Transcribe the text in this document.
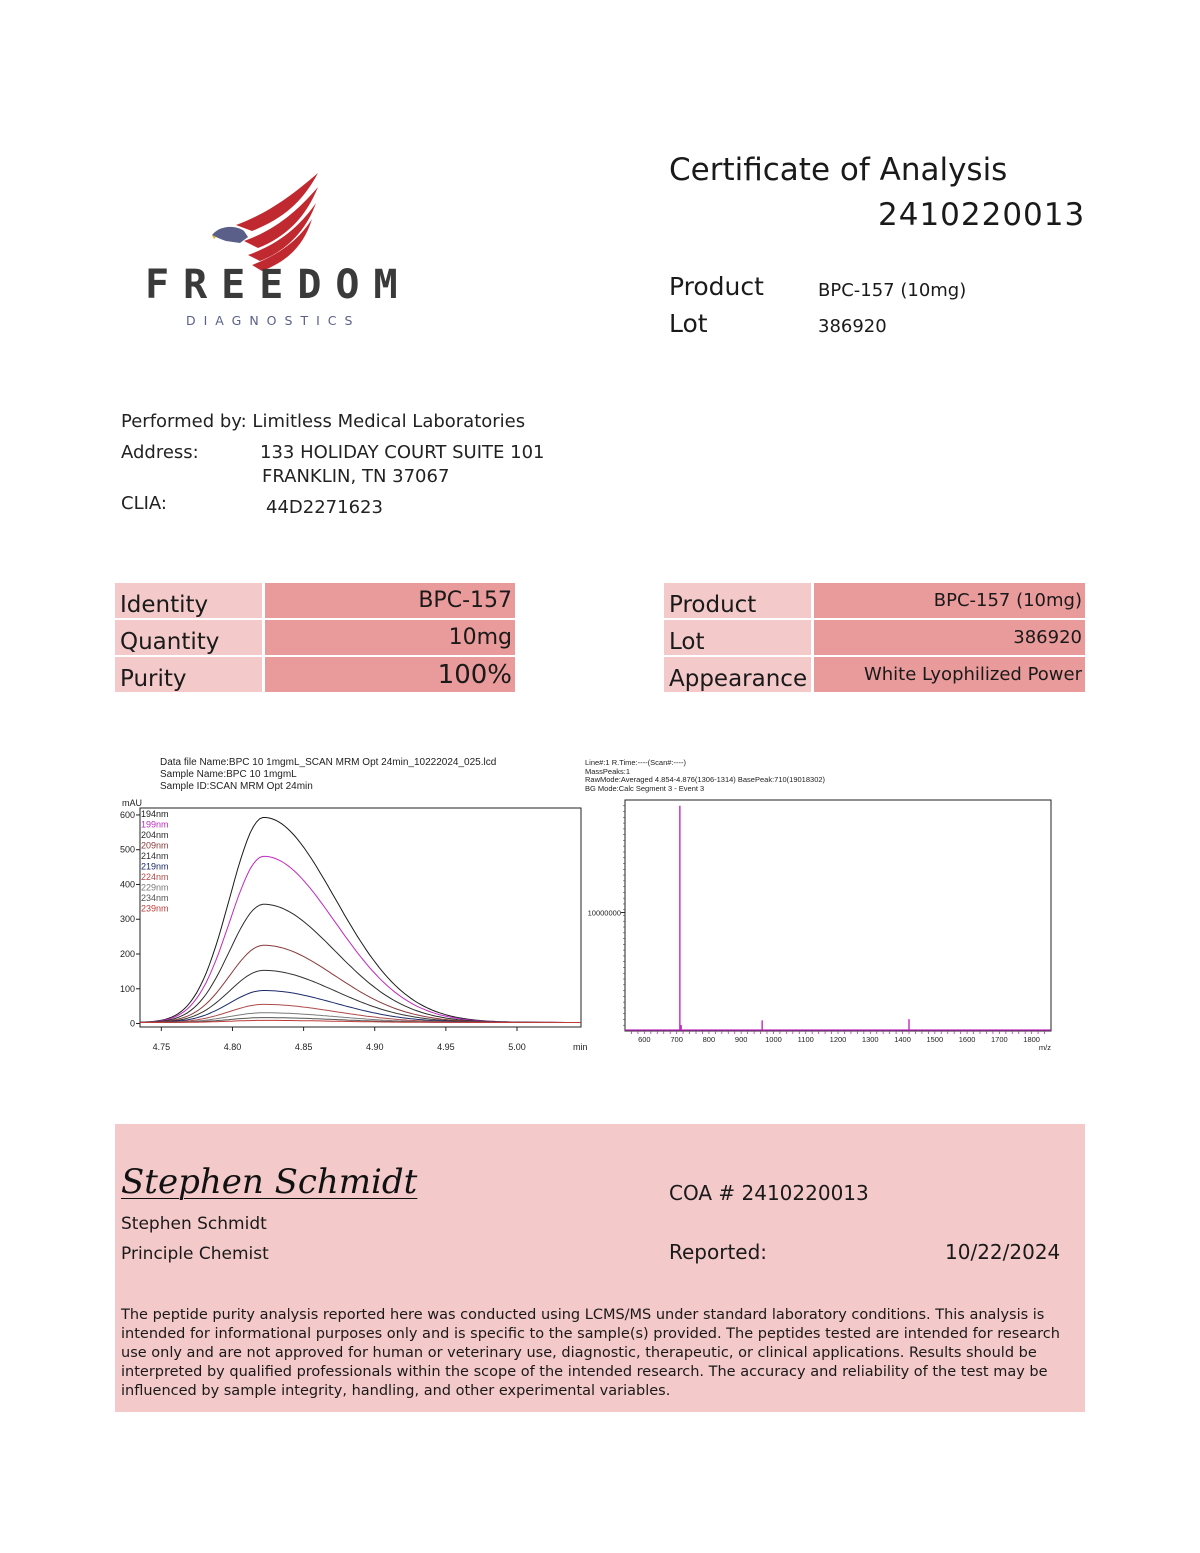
FREEDOM
DIAGNOSTICS
Certificate of Analysis
2410220013
Product	BPC-157 (10mg)
Lot	386920
Performed by: Limitless Medical Laboratories
Address:	133 HOLIDAY COURT SUITE 101
FRANKLIN, TN 37067
CLIA:	44D2271623
Identity	BPC-157
Quantity	10mg
Purity	100%
Product	BPC-157 (10mg)
Lot	386920
Appearance	White Lyophilized Power
Data file Name:BPC 10 1mgmL_SCAN MRM Opt 24min_10222024_025.lcd
Sample Name:BPC 10 1mgmL
Sample ID:SCAN MRM Opt 24min
mAU
0
100
200
300
400
500
600
4.75	4.80	4.85	4.90	4.95	5.00	min
194nm
199nm
204nm
209nm
214nm
219nm
224nm
229nm
234nm
239nm
Line#:1 R.Time:----(Scan#:----)
MassPeaks:1
RawMode:Averaged 4.854-4.876(1306-1314) BasePeak:710(19018302)
BG Mode:Calc Segment 3 - Event 3
10000000
600	700	800	900 1000 1100 1200 1300 1400 1500 1600 1700 1800
m/z
Stephen Schmidt
Stephen Schmidt
Principle Chemist
COA # 2410220013
Reported:	10/22/2024
The peptide purity analysis reported here was conducted using LCMS/MS under standard laboratory conditions. This analysis is intended for informational purposes only and is specific to the sample(s) provided. The peptides tested are intended for research use only and are not approved for human or veterinary use, diagnostic, therapeutic, or clinical applications. Results should be interpreted by qualified professionals within the scope of the intended research. The accuracy and reliability of the test may be influenced by sample integrity, handling, and other experimental variables.
